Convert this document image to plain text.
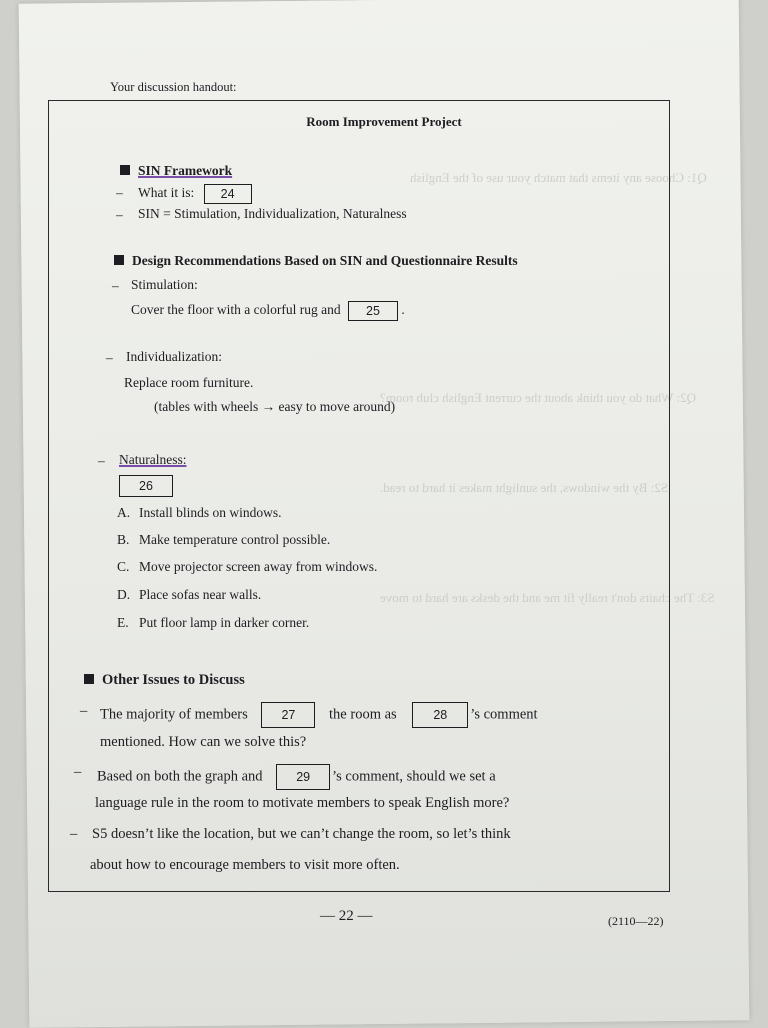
Q1: Choose any items that match your use of the English
Q2: What do you think about the current English club room?
S2: By the windows, the sunlight makes it hard to read.
S3: The chairs don't really fit me and the desks are hard to move
Your discussion handout:
Room Improvement Project
SIN Framework
– What it is: 24
– SIN = Stimulation, Individualization, Naturalness
Design Recommendations Based on SIN and Questionnaire Results
– Stimulation:
Cover the floor with a colorful rug and 25 .
– Individualization:
Replace room furniture.
(tables with wheels → easy to move around)
– Naturalness:
26
A. Install blinds on windows.
B. Make temperature control possible.
C. Move projector screen away from windows.
D. Place sofas near walls.
E. Put floor lamp in darker corner.
Other Issues to Discuss
– The majority of members	27 the room as	28 ’s comment
mentioned. How can we solve this?
– Based on both the graph and	29 ’s comment, should we set a
language rule in the room to motivate members to speak English more?
– S5 doesn’t like the location, but we can’t change the room, so let’s think
about how to encourage members to visit more often.
— 22 —	(2110—22)
